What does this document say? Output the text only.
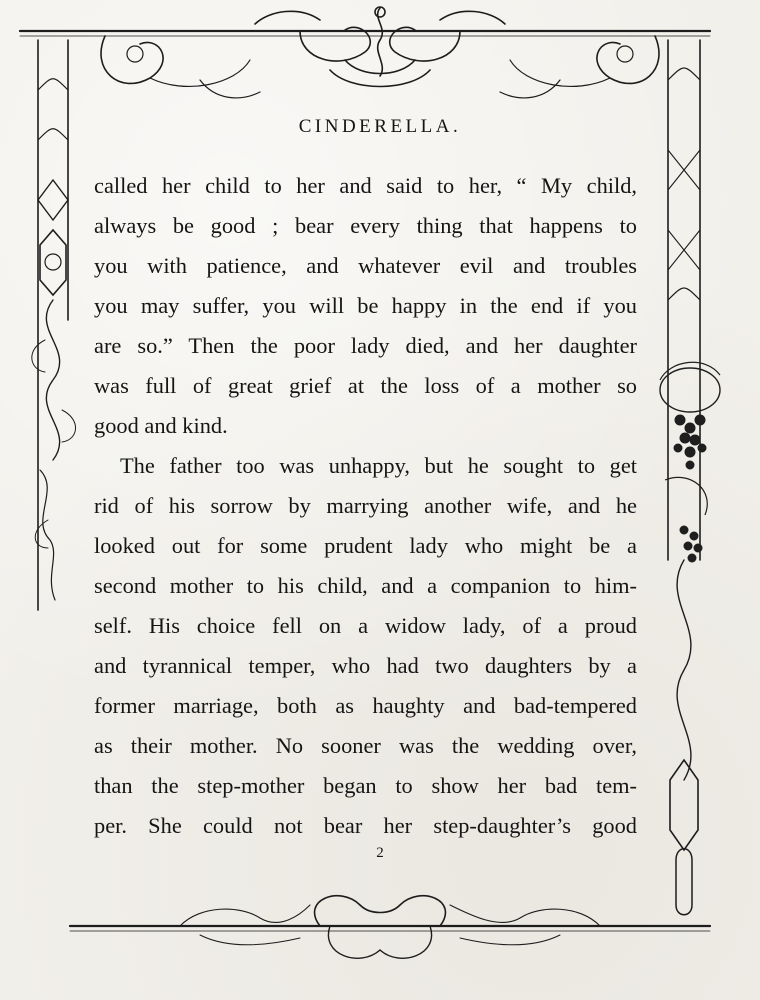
CINDERELLA.

called her child to her and said to her, “ My child,
always be good ; bear every thing that happens to
you with patience, and whatever evil and troubles
you may suffer, you will be happy in the end if you
are so.” Then the poor lady died, and her daughter
was full of great grief at the loss of a mother so
good and kind.

The father too was unhappy, but he sought to get
rid of his sorrow by marrying another wife, and he
looked out for some prudent lady who might be a
second mother to his child, and a companion to him-
self. His choice fell on a widow lady, of a proud
and tyrannical temper, who had two daughters by a
former marriage, both as haughty and bad-tempered
as their mother. No sooner was the wedding over,
than the step-mother began to show her bad tem-
per. She could not bear her step-daughter’s good

2
